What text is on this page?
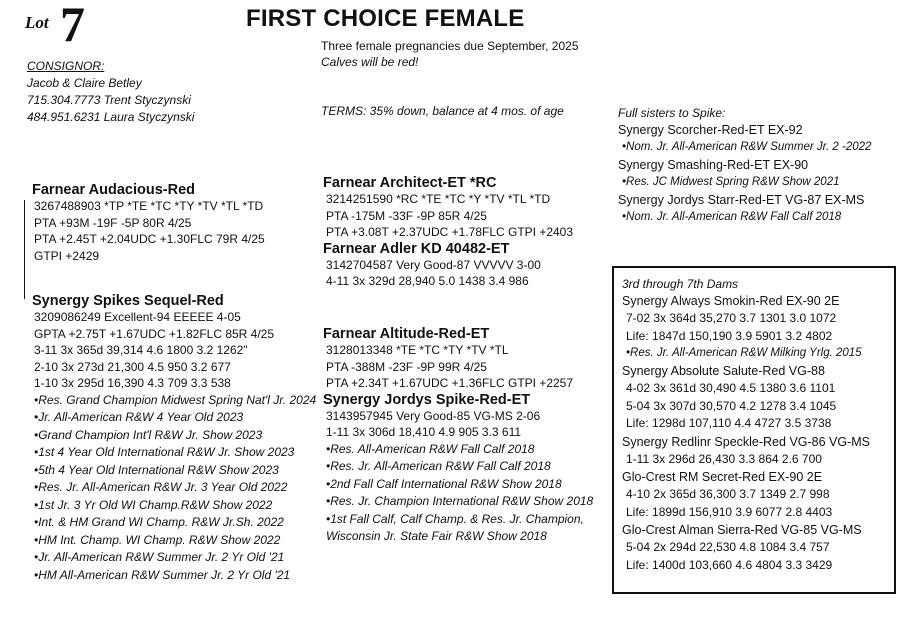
Lot 7	FIRST CHOICE FEMALE
Three female pregnancies due September, 2025
Calves will be red!
CONSIGNOR:
Jacob & Claire Betley
715.304.7773 Trent Styczynski
484.951.6231 Laura Styczynski	TERMS: 35% down, balance at 4 mos. of age
Farnear Audacious-Red
3267488903 *TP *TE *TC *TY *TV *TL *TD
PTA +93M -19F -5P 80R 4/25
PTA +2.45T +2.04UDC +1.30FLC 79R 4/25
GTPI +2429
Synergy Spikes Sequel-Red
3209086249 Excellent-94 EEEEE 4-05
GPTA +2.75T +1.67UDC +1.82FLC 85R 4/25
3-11 3x 365d 39,314 4.6 1800 3.2 1262"
2-10 3x 273d 21,300 4.5 950 3.2 677
1-10 3x 295d 16,390 4.3 709 3.3 538
•Res. Grand Champion Midwest Spring Nat'l Jr. 2024
•Jr. All-American R&W 4 Year Old 2023
•Grand Champion Int'l R&W Jr. Show 2023
•1st 4 Year Old International R&W Jr. Show 2023
•5th 4 Year Old International R&W Show 2023
•Res. Jr. All-American R&W Jr. 3 Year Old 2022
•1st Jr. 3 Yr Old WI Champ.R&W Show 2022
•Int. & HM Grand WI Champ. R&W Jr.Sh. 2022
•HM Int. Champ. WI Champ. R&W Show 2022
•Jr. All-American R&W Summer Jr. 2 Yr Old '21
•HM All-American R&W Summer Jr. 2 Yr Old '21
Farnear Architect-ET *RC
3214251590 *RC *TE *TC *Y *TV *TL *TD
PTA -175M -33F -9P 85R 4/25
PTA +3.08T +2.37UDC +1.78FLC GTPI +2403
Farnear Adler KD 40482-ET
3142704587 Very Good-87 VVVVV 3-00
4-11 3x 329d 28,940 5.0 1438 3.4 986
Farnear Altitude-Red-ET
3128013348 *TE *TC *TY *TV *TL
PTA -388M -23F -9P 99R 4/25
PTA +2.34T +1.67UDC +1.36FLC GTPI +2257
Synergy Jordys Spike-Red-ET
3143957945 Very Good-85 VG-MS 2-06
1-11 3x 306d 18,410 4.9 905 3.3 611
•Res. All-American R&W Fall Calf 2018
•Res. Jr. All-American R&W Fall Calf 2018
•2nd Fall Calf International R&W Show 2018
•Res. Jr. Champion International R&W Show 2018
•1st Fall Calf, Calf Champ. & Res. Jr. Champion,
Wisconsin Jr. State Fair R&W Show 2018
Full sisters to Spike:
Synergy Scorcher-Red-ET EX-92
•Nom. Jr. All-American R&W Summer Jr. 2 -2022
Synergy Smashing-Red-ET EX-90
•Res. JC Midwest Spring R&W Show 2021
Synergy Jordys Starr-Red-ET VG-87 EX-MS
•Nom. Jr. All-American R&W Fall Calf 2018
3rd through 7th Dams
Synergy Always Smokin-Red EX-90 2E
7-02 3x 364d 35,270 3.7 1301 3.0 1072
Life: 1847d 150,190 3.9 5901 3.2 4802
•Res. Jr. All-American R&W Milking Yrlg. 2015
Synergy Absolute Salute-Red VG-88
4-02 3x 361d 30,490 4.5 1380 3.6 1101
5-04 3x 307d 30,570 4.2 1278 3.4 1045
Life: 1298d 107,110 4.4 4727 3.5 3738
Synergy Redlinr Speckle-Red VG-86 VG-MS
1-11 3x 296d 26,430 3.3 864 2.6 700
Glo-Crest RM Secret-Red EX-90 2E
4-10 2x 365d 36,300 3.7 1349 2.7 998
Life: 1899d 156,910 3.9 6077 2.8 4403
Glo-Crest Alman Sierra-Red VG-85 VG-MS
5-04 2x 294d 22,530 4.8 1084 3.4 757
Life: 1400d 103,660 4.6 4804 3.3 3429
